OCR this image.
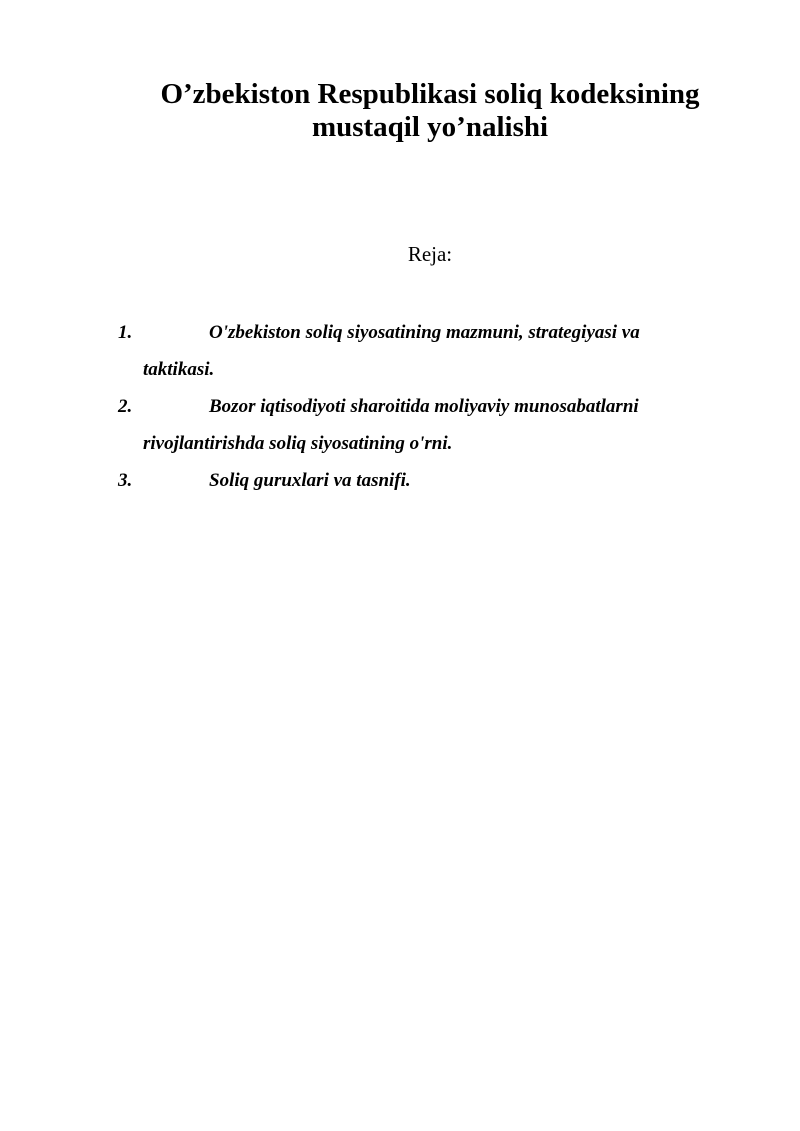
O’zbekiston Respublikasi soliq kodeksining mustaqil yo’nalishi

Reja:

1.	O'zbekiston soliq siyosatining mazmuni, strategiyasi va taktikasi.
2.	Bozor iqtisodiyoti sharoitida moliyaviy munosabatlarni rivojlantirishda soliq siyosatining o'rni.
3.	Soliq guruxlari va tasnifi.
